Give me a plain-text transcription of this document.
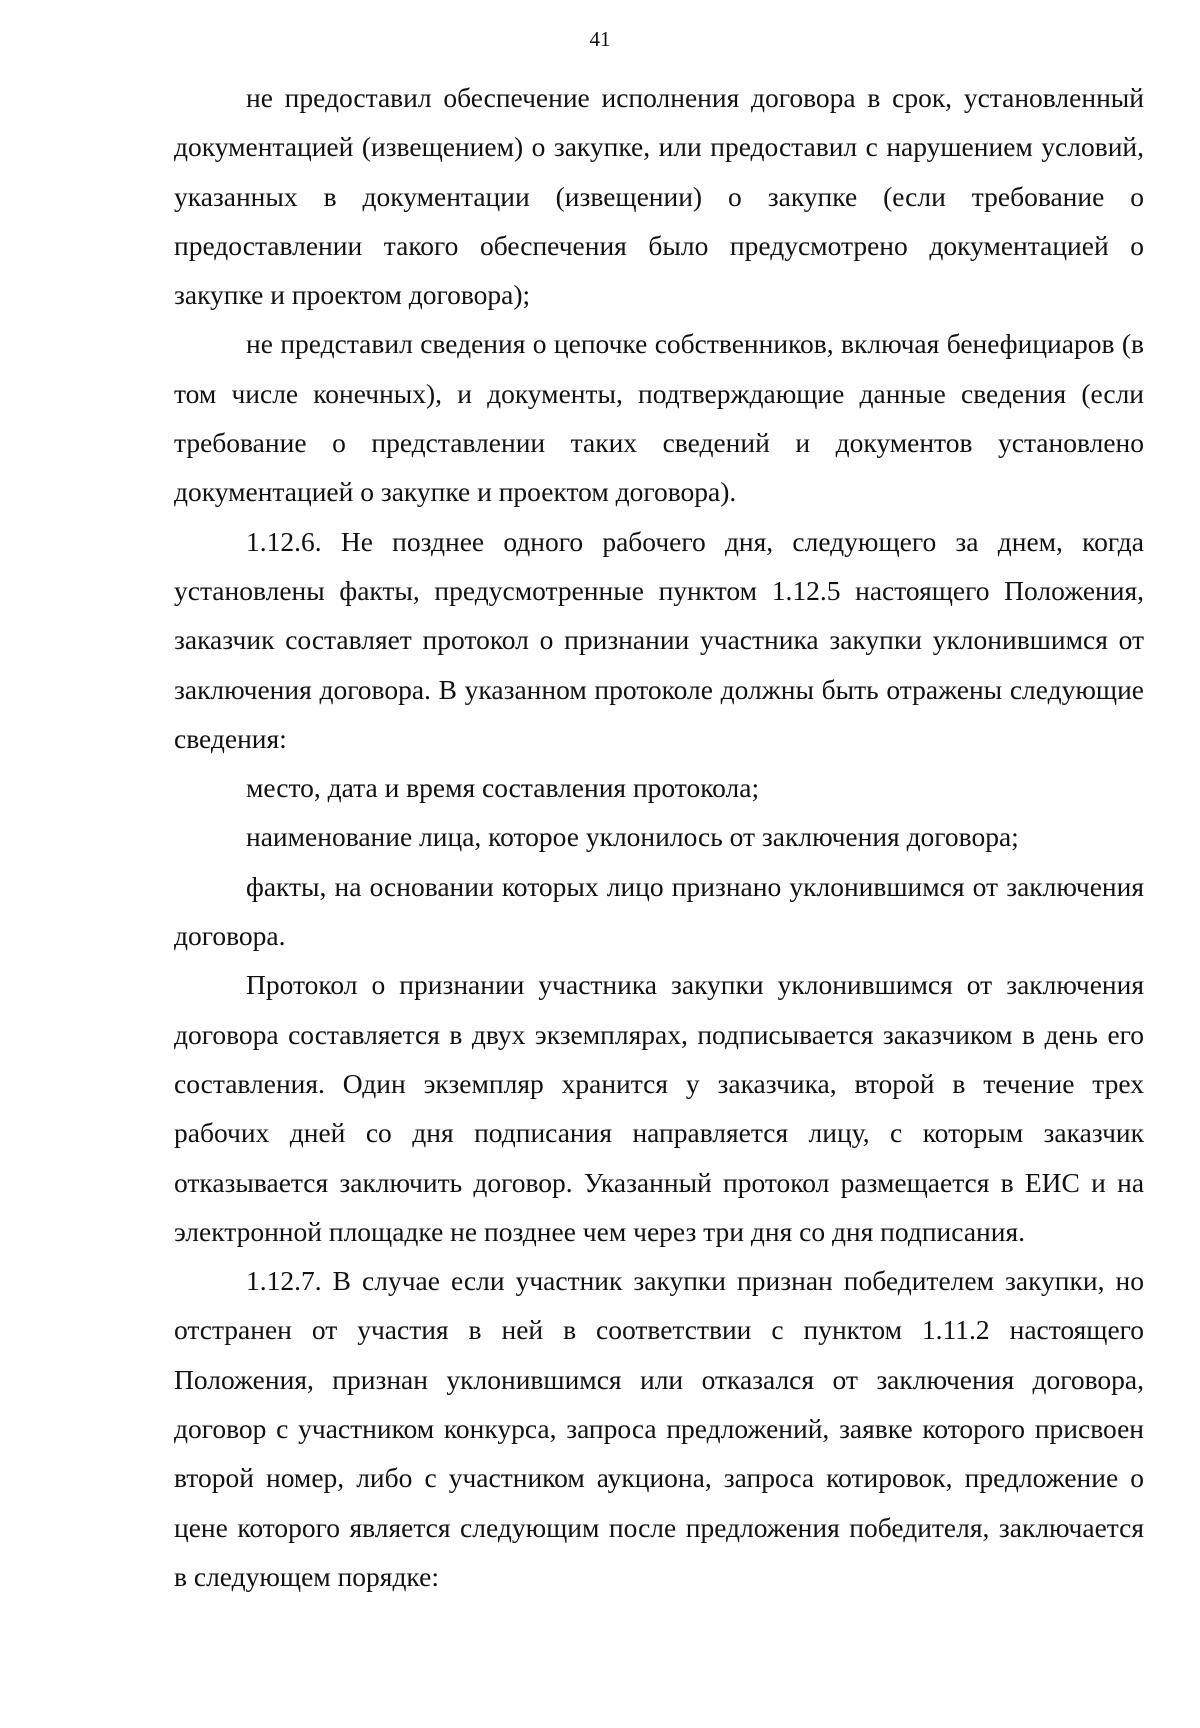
41

не предоставил обеспечение исполнения договора в срок, установленный документацией (извещением) о закупке, или предоставил с нарушением условий, указанных в документации (извещении) о закупке (если требование о предоставлении такого обеспечения было предусмотрено документацией о закупке и проектом договора);

не представил сведения о цепочке собственников, включая бенефициаров (в том числе конечных), и документы, подтверждающие данные сведения (если требование о представлении таких сведений и документов установлено документацией о закупке и проектом договора).

1.12.6. Не позднее одного рабочего дня, следующего за днем, когда установлены факты, предусмотренные пунктом 1.12.5 настоящего Положения, заказчик составляет протокол о признании участника закупки уклонившимся от заключения договора. В указанном протоколе должны быть отражены следующие сведения:

место, дата и время составления протокола;

наименование лица, которое уклонилось от заключения договора;

факты, на основании которых лицо признано уклонившимся от заключения договора.

Протокол о признании участника закупки уклонившимся от заключения договора составляется в двух экземплярах, подписывается заказчиком в день его составления. Один экземпляр хранится у заказчика, второй в течение трех рабочих дней со дня подписания направляется лицу, с которым заказчик отказывается заключить договор. Указанный протокол размещается в ЕИС и на электронной площадке не позднее чем через три дня со дня подписания.

1.12.7. В случае если участник закупки признан победителем закупки, но отстранен от участия в ней в соответствии с пунктом 1.11.2 настоящего Положения, признан уклонившимся или отказался от заключения договора, договор с участником конкурса, запроса предложений, заявке которого присвоен второй номер, либо с участником аукциона, запроса котировок, предложение о цене которого является следующим после предложения победителя, заключается в следующем порядке:
